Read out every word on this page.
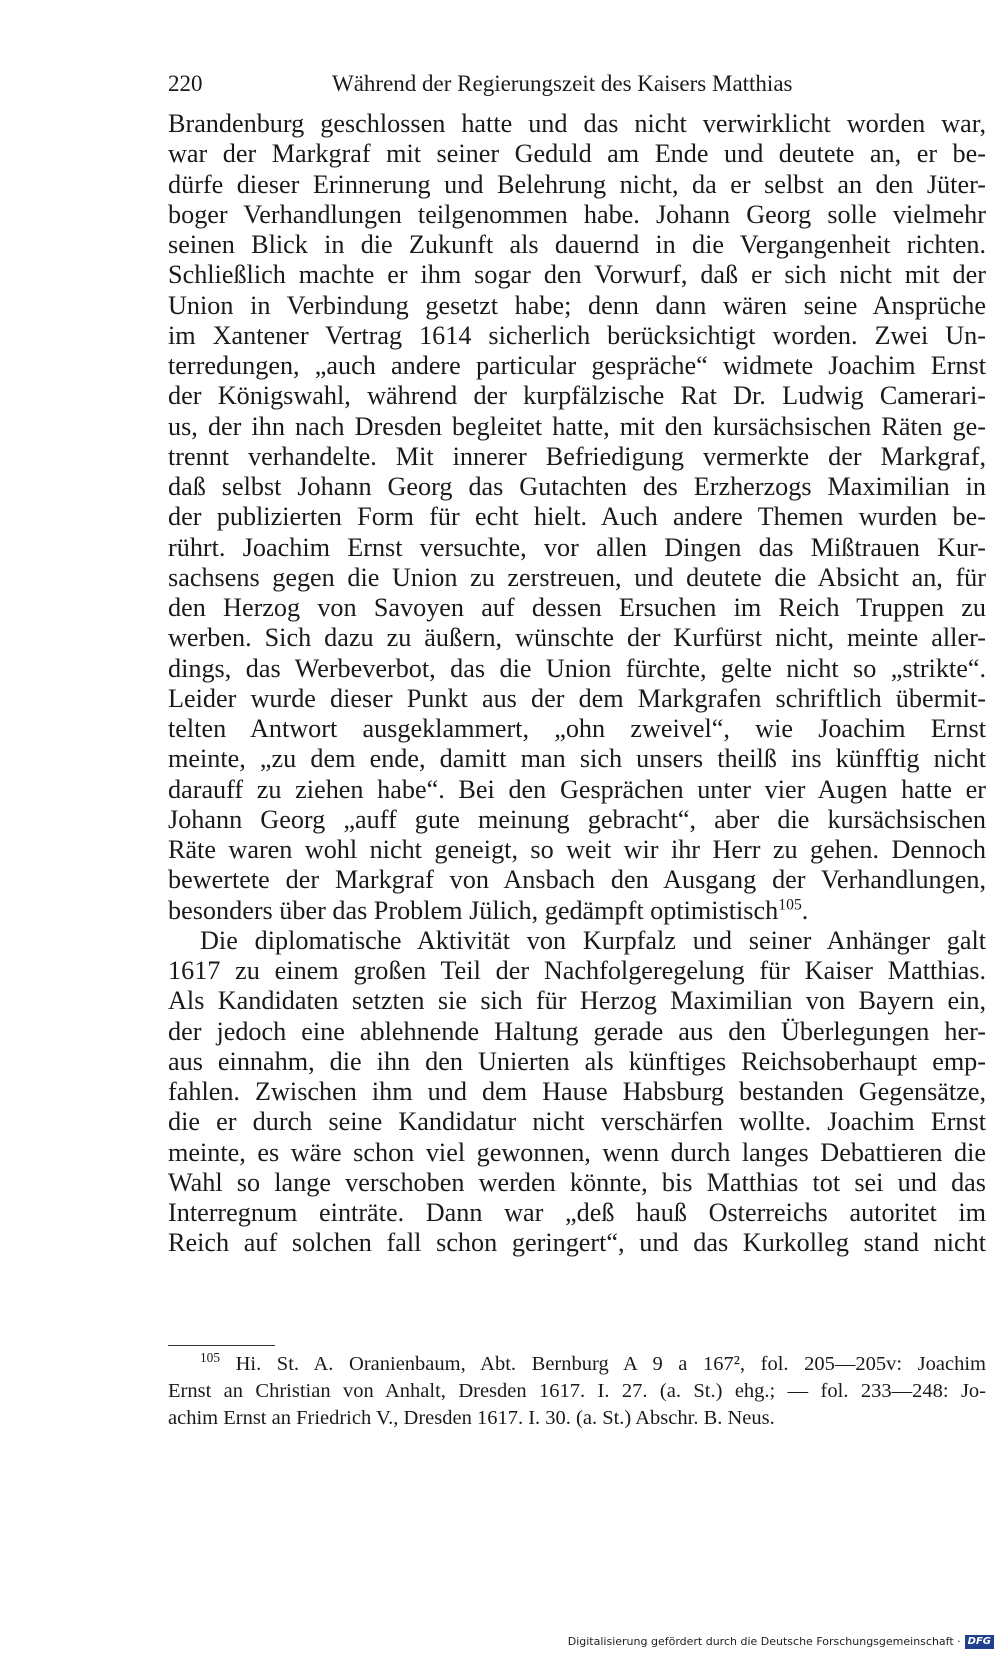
220	Während der Regierungszeit des Kaisers Matthias

Brandenburg geschlossen hatte und das nicht verwirklicht worden war,
war der Markgraf mit seiner Geduld am Ende und deutete an, er be-
dürfe dieser Erinnerung und Belehrung nicht, da er selbst an den Jüter-
boger Verhandlungen teilgenommen habe. Johann Georg solle vielmehr
seinen Blick in die Zukunft als dauernd in die Vergangenheit richten.
Schließlich machte er ihm sogar den Vorwurf, daß er sich nicht mit der
Union in Verbindung gesetzt habe; denn dann wären seine Ansprüche
im Xantener Vertrag 1614 sicherlich berücksichtigt worden. Zwei Un-
terredungen, „auch andere particular gespräche“ widmete Joachim Ernst
der Königswahl, während der kurpfälzische Rat Dr. Ludwig Camerari-
us, der ihn nach Dresden begleitet hatte, mit den kursächsischen Räten ge-
trennt verhandelte. Mit innerer Befriedigung vermerkte der Markgraf,
daß selbst Johann Georg das Gutachten des Erzherzogs Maximilian in
der publizierten Form für echt hielt. Auch andere Themen wurden be-
rührt. Joachim Ernst versuchte, vor allen Dingen das Mißtrauen Kur-
sachsens gegen die Union zu zerstreuen, und deutete die Absicht an, für
den Herzog von Savoyen auf dessen Ersuchen im Reich Truppen zu
werben. Sich dazu zu äußern, wünschte der Kurfürst nicht, meinte aller-
dings, das Werbeverbot, das die Union fürchte, gelte nicht so „strikte“.
Leider wurde dieser Punkt aus der dem Markgrafen schriftlich übermit-
telten Antwort ausgeklammert, „ohn zweivel“, wie Joachim Ernst
meinte, „zu dem ende, damitt man sich unsers theilß ins künfftig nicht
darauff zu ziehen habe“. Bei den Gesprächen unter vier Augen hatte er
Johann Georg „auff gute meinung gebracht“, aber die kursächsischen
Räte waren wohl nicht geneigt, so weit wir ihr Herr zu gehen. Dennoch
bewertete der Markgraf von Ansbach den Ausgang der Verhandlungen,
besonders über das Problem Jülich, gedämpft optimistisch$^{105}$.

Die diplomatische Aktivität von Kurpfalz und seiner Anhänger galt
1617 zu einem großen Teil der Nachfolgeregelung für Kaiser Matthias.
Als Kandidaten setzten sie sich für Herzog Maximilian von Bayern ein,
der jedoch eine ablehnende Haltung gerade aus den Überlegungen her-
aus einnahm, die ihn den Unierten als künftiges Reichsoberhaupt emp-
fahlen. Zwischen ihm und dem Hause Habsburg bestanden Gegensätze,
die er durch seine Kandidatur nicht verschärfen wollte. Joachim Ernst
meinte, es wäre schon viel gewonnen, wenn durch langes Debattieren die
Wahl so lange verschoben werden könnte, bis Matthias tot sei und das
Interregnum einträte. Dann war „deß hauß Osterreichs autoritet im
Reich auf solchen fall schon geringert“, und das Kurkolleg stand nicht

$^{105}$ Hi. St. A. Oranienbaum, Abt. Bernburg A 9 a 167², fol. 205—205v: Joachim
Ernst an Christian von Anhalt, Dresden 1617. I. 27. (a. St.) ehg.; — fol. 233—248: Jo-
achim Ernst an Friedrich V., Dresden 1617. I. 30. (a. St.) Abschr. B. Neus.
Digitalisierung gefördert durch die Deutsche Forschungsgemeinschaft · DFG
